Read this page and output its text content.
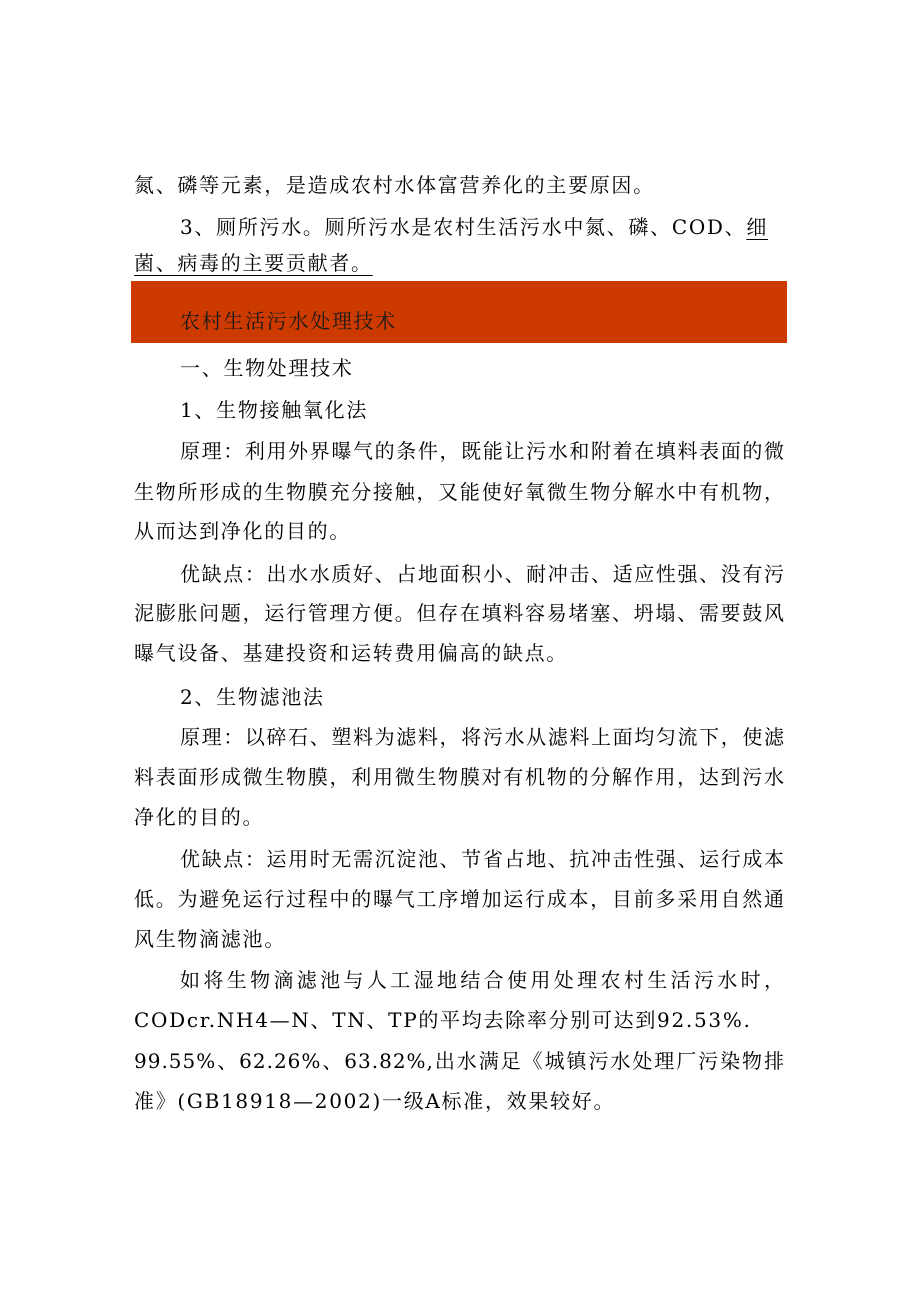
氮、磷等元素，是造成农村水体富营养化的主要原因。
3、厕所污水。厕所污水是农村生活污水中氮、磷、COD、细
菌、病毒的主要贡献者。
农村生活污水处理技术
一、生物处理技术
1、生物接触氧化法
原理：利用外界曝气的条件，既能让污水和附着在填料表面的微
生物所形成的生物膜充分接触，又能使好氧微生物分解水中有机物，
从而达到净化的目的。
优缺点：出水水质好、占地面积小、耐冲击、适应性强、没有污
泥膨胀问题，运行管理方便。但存在填料容易堵塞、坍塌、需要鼓风
曝气设备、基建投资和运转费用偏高的缺点。
2、生物滤池法
原理：以碎石、塑料为滤料，将污水从滤料上面均匀流下，使滤
料表面形成微生物膜，利用微生物膜对有机物的分解作用，达到污水
净化的目的。
优缺点：运用时无需沉淀池、节省占地、抗冲击性强、运行成本
低。为避免运行过程中的曝气工序增加运行成本，目前多采用自然通
风生物滴滤池。
如将生物滴滤池与人工湿地结合使用处理农村生活污水时，
CODcr.NH4—N、TN、TP的平均去除率分别可达到92.53%.
99.55%、62.26%、63.82%,出水满足《城镇污水处理厂污染物排
准》(GB18918—2002)一级A标准，效果较好。
